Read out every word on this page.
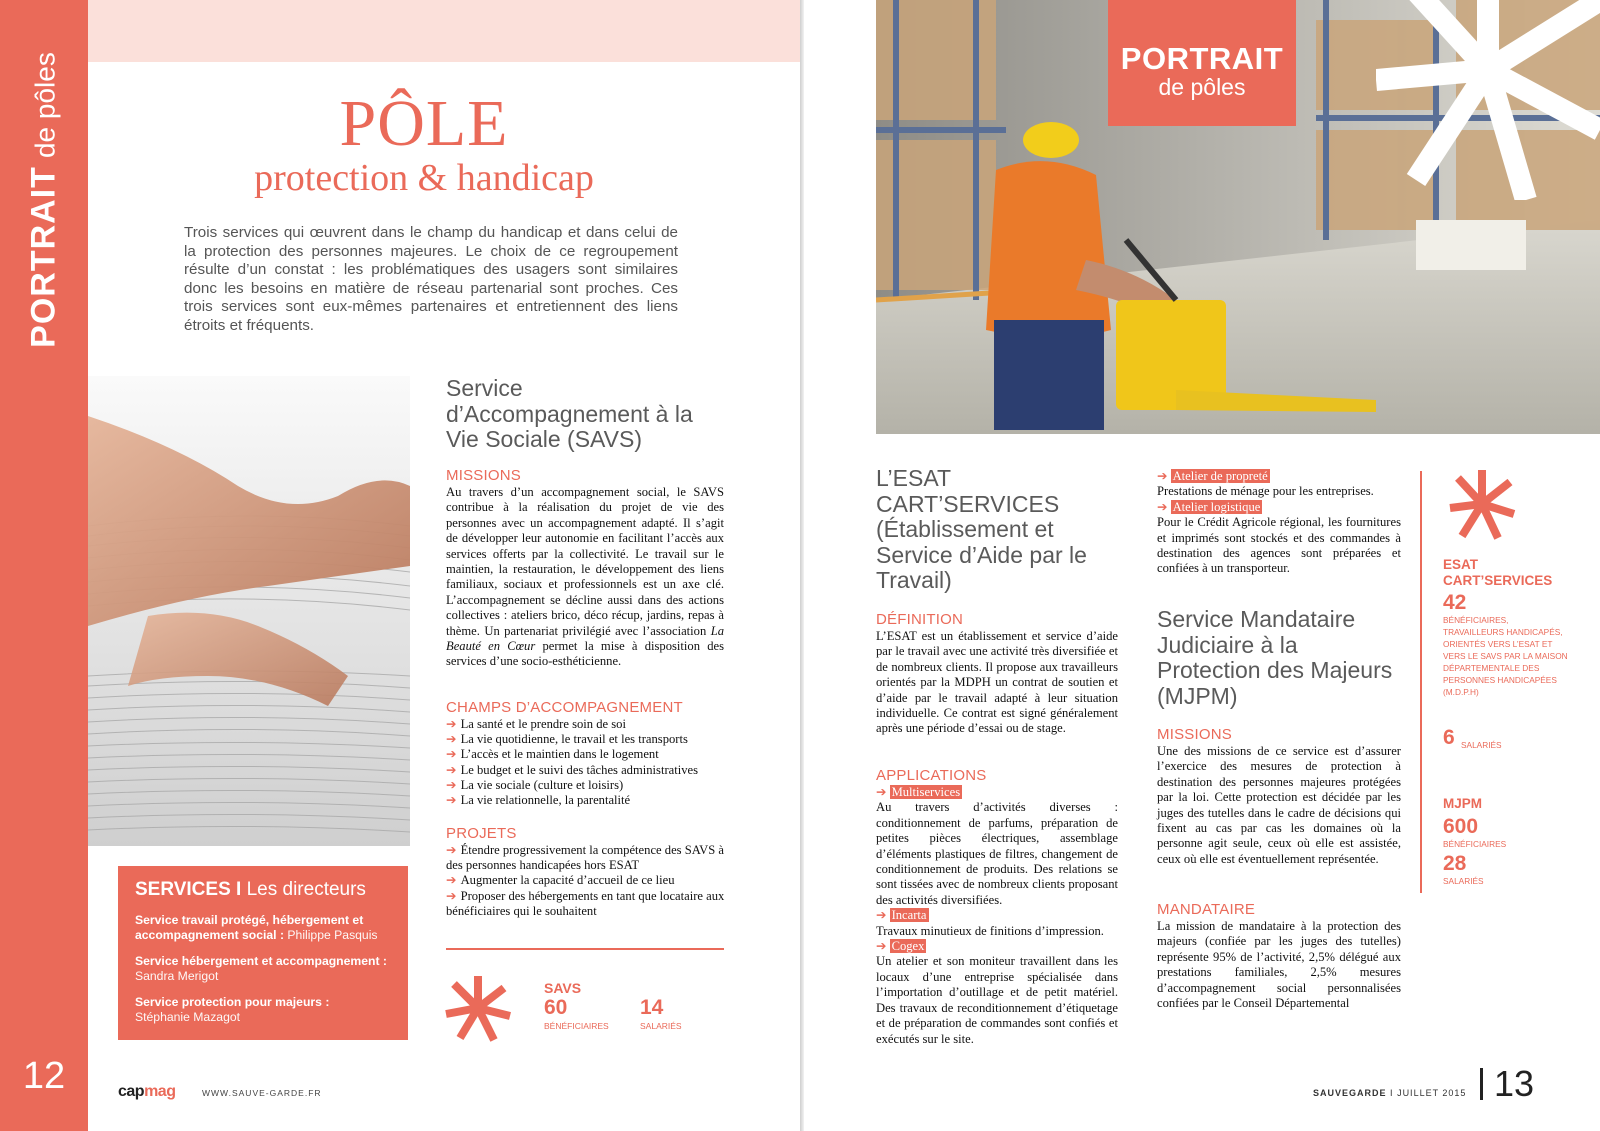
PORTRAITde pôles
12
PÔLE
protection & handicap

Trois services qui œuvrent dans le champ du handicap et dans celui de la protection des personnes majeures. Le choix de ce regroupement résulte d’un constat : les problématiques des usagers sont similaires donc les besoins en matière de réseau partenarial sont proches. Ces trois services sont eux-mêmes partenaires et entretiennent des liens étroits et fréquents.

Service d’Accompagnement à la Vie Sociale (SAVS)
MISSIONS

Au travers d’un accompagnement social, le SAVS contribue à la réalisation du projet de vie des personnes avec un accompagnement adapté. Il s’agit de développer leur autonomie en facilitant l’accès aux services offerts par la collectivité. Le travail sur le maintien, la restauration, le développement des liens familiaux, sociaux et professionnels est un axe clé. L’accompagnement se décline aussi dans des actions collectives : ateliers brico, déco récup, jardins, repas à thème. Un partenariat privilégié avec l’association La Beauté en Cœur permet la mise à disposition des services d’une socio-esthéticienne.

CHAMPS D’ACCOMPAGNEMENT
➔ La santé et le prendre soin de soi
➔ La vie quotidienne, le travail et les transports
➔ L’accès et le maintien dans le logement
➔ Le budget et le suivi des tâches administratives
➔ La vie sociale (culture et loisirs)
➔ La vie relationnelle, la parentalité
PROJETS
➔ Étendre progressivement la compétence des SAVS à des personnes handicapées hors ESAT
➔ Augmenter la capacité d’accueil de ce lieu
➔ Proposer des hébergements en tant que locataire aux bénéficiaires qui le souhaitent
SERVICES I Les directeurs
Service travail protégé, hébergement et accompagnement social : Philippe Pasquis
Service hébergement et accompagnement :
Sandra Merigot
Service protection pour majeurs :
Stéphanie Mazagot
SAVS
60
BÉNÉFICIAIRES
14
SALARIÉS
capmag	WWW.SAUVE-GARDE.FR
PORTRAIT
de pôles
L’ESAT CART’SERVICES (Établissement et Service d’Aide par le Travail)
DÉFINITION

L’ESAT est un établissement et service d’aide par le travail avec une activité très diversifiée et de nombreux clients. Il propose aux travailleurs orientés par la MDPH un contrat de soutien et d’aide par le travail adapté à leur situation individuelle. Ce contrat est signé généralement après une période d’essai ou de stage.

APPLICATIONS
➔ Multiservices

Au travers d’activités diverses : conditionnement de parfums, préparation de petites pièces électriques, assemblage d’éléments plastiques de filtres, changement de conditionnement de produits. Des relations se sont tissées avec de nombreux clients proposant des activités diversifiées.

➔ Incarta

Travaux minutieux de finitions d’impression.

➔ Cogex

Un atelier et son moniteur travaillent dans les locaux d’une entreprise spécialisée dans l’importation d’outillage et de petit matériel. Des travaux de reconditionnement d’étiquetage et de préparation de commandes sont confiés et exécutés sur le site.

➔ Atelier de propreté

Prestations de ménage pour les entreprises.

➔ Atelier logistique

Pour le Crédit Agricole régional, les fournitures et imprimés sont stockés et des commandes à destination des agences sont préparées et confiées à un transporteur.

Service Mandataire Judiciaire à la Protection des Majeurs (MJPM)
MISSIONS

Une des missions de ce service est d’assurer l’exercice des mesures de protection à destination des personnes majeures protégées par la loi. Cette protection est décidée par les juges des tutelles dans le cadre de décisions qui fixent au cas par cas les domaines où la personne agit seule, ceux où elle est assistée, ceux où elle est éventuellement représentée.

MANDATAIRE

La mission de mandataire à la protection des majeurs (confiée par les juges des tutelles) représente 95% de l’activité, 2,5% délégué aux prestations familiales, 2,5% mesures d’accompagnement social personnalisées confiées par le Conseil Départemental

ESAT CART’SERVICES
42
BÉNÉFICIAIRES, TRAVAILLEURS HANDICAPÉS, ORIENTÉS VERS L’ESAT ET VERS LE SAVS PAR LA MAISON DÉPARTEMENTALE DES PERSONNES HANDICAPÉES (M.D.P.H)
6 SALARIÉS
MJPM
600
BÉNÉFICIAIRES
28
SALARIÉS
SAUVEGARDE I JUILLET 2015 13
